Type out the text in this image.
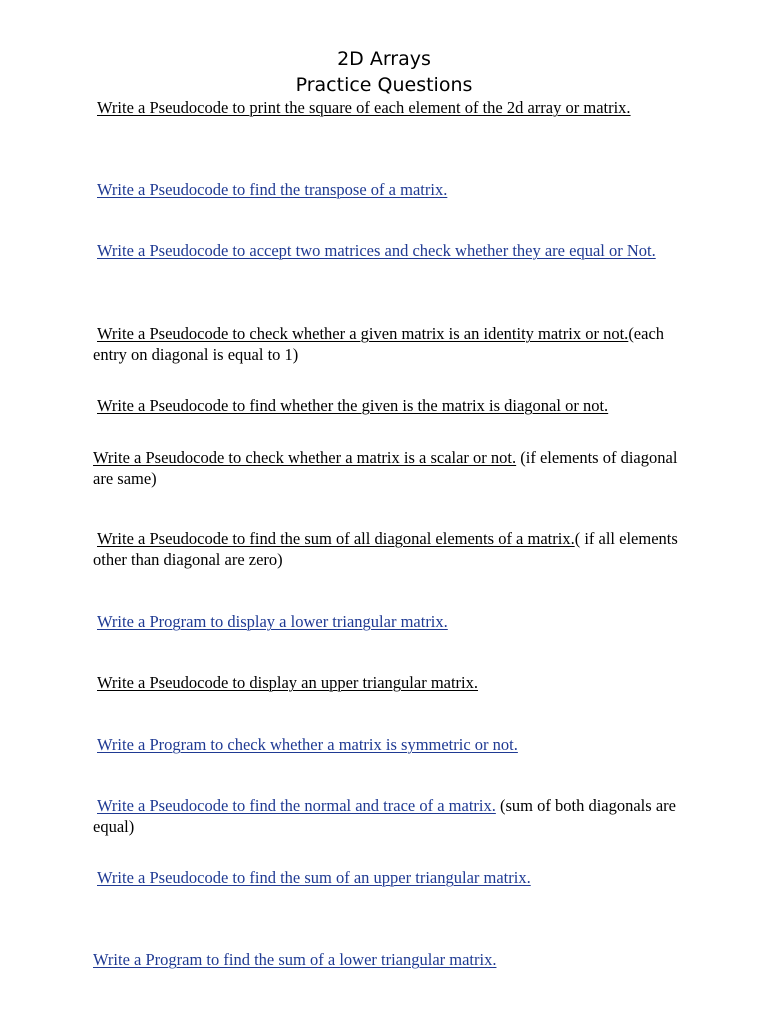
2D Arrays
Practice Questions
Write a Pseudocode to print the square of each element of the 2d array or matrix.
Write a Pseudocode to find the transpose of a matrix.
Write a Pseudocode to accept two matrices and check whether they are equal or Not.
Write a Pseudocode to check whether a given matrix is an identity matrix or not.(each entry on diagonal is equal to 1)
Write a Pseudocode to find whether the given is the matrix is diagonal or not.
Write a Pseudocode to check whether a matrix is a scalar or not. (if elements of diagonal are same)
Write a Pseudocode to find the sum of all diagonal elements of a matrix.( if all elements other than diagonal are zero)
Write a Program to display a lower triangular matrix.
Write a Pseudocode to display an upper triangular matrix.
Write a Program to check whether a matrix is symmetric or not.
Write a Pseudocode to find the normal and trace of a matrix. (sum of both diagonals are equal)
Write a Pseudocode to find the sum of an upper triangular matrix.
Write a Program to find the sum of a lower triangular matrix.
